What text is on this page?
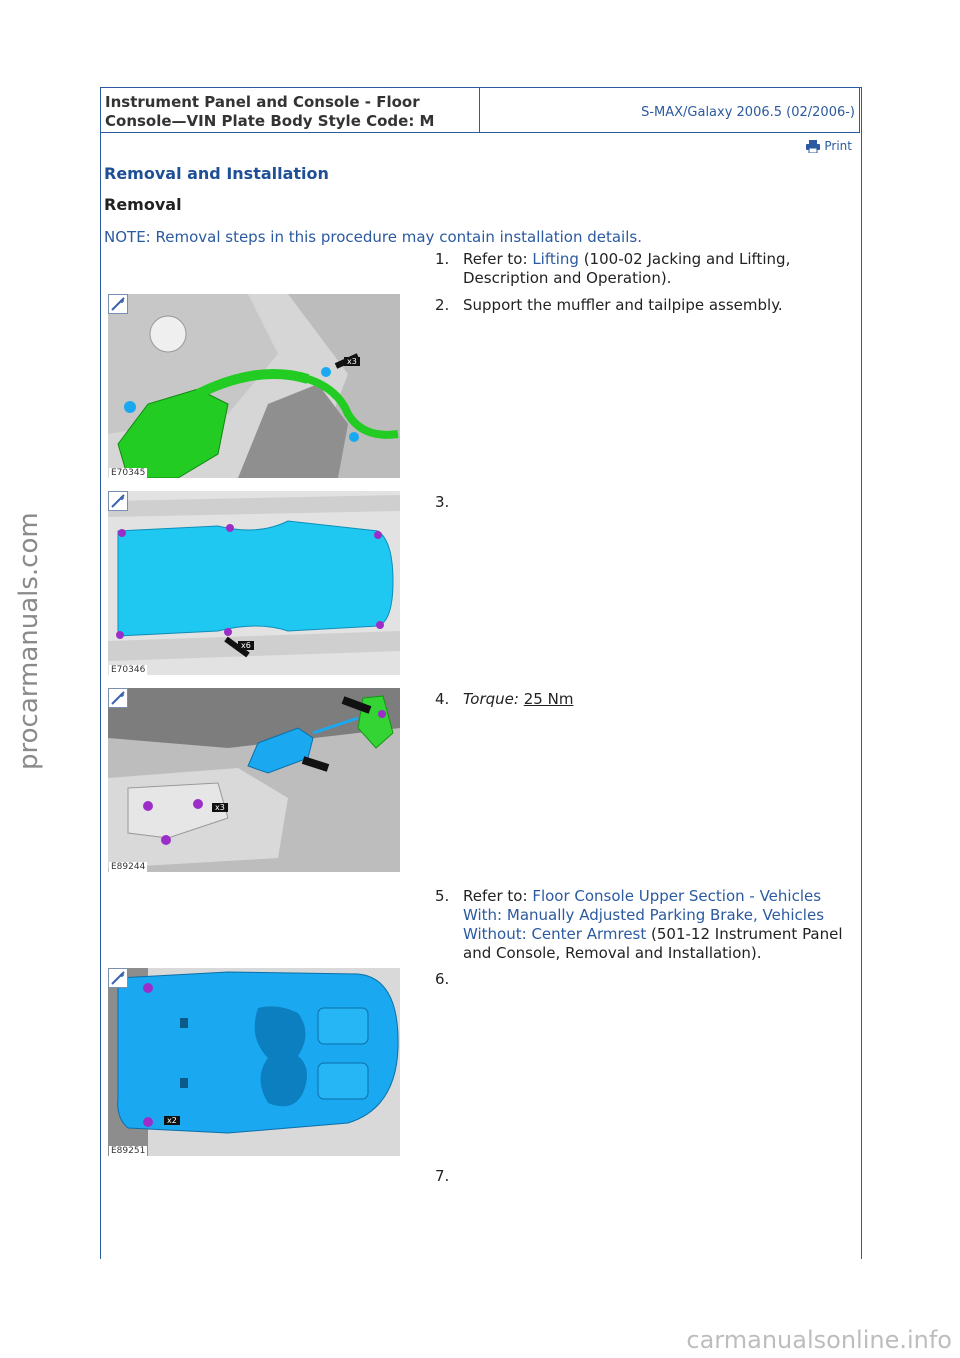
Instrument Panel and Console - Floor
Console—VIN Plate Body Style Code: M	S-MAX/Galaxy 2006.5 (02/2006-)
Print
Removal and Installation
Removal
NOTE: Removal steps in this procedure may contain installation details.
1. Refer to: Lifting (100-02 Jacking and Lifting, Description and Operation).
x3
E70345
2. Support the muffler and tailpipe assembly.
x6
E70346
3.
x3
E89244
4. Torque: 25 Nm
5. Refer to: Floor Console Upper Section - Vehicles With: Manually Adjusted Parking Brake, Vehicles Without: Center Armrest (501-12 Instrument Panel and Console, Removal and Installation).
x2
E89251
6.
7.
procarmanuals.com
carmanualsonline.info
